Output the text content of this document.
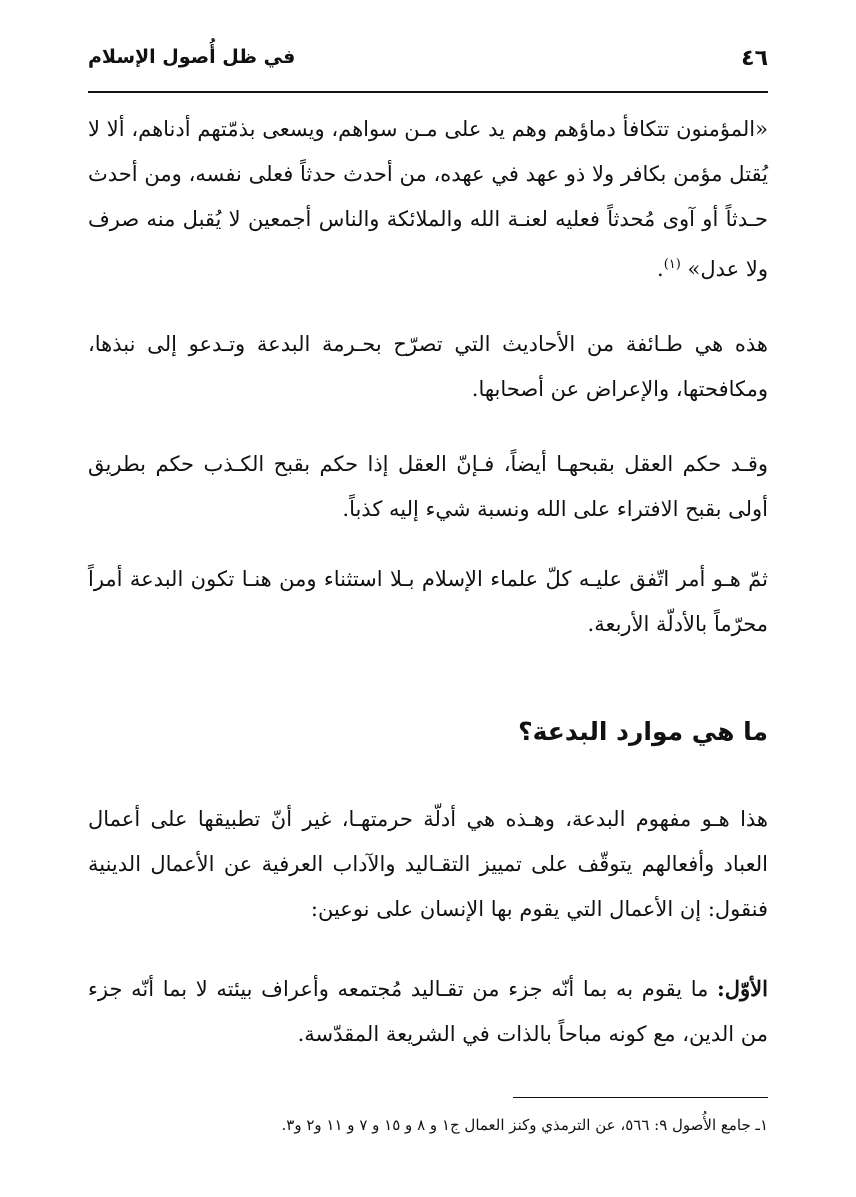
٤٦
في ظل أُصول الإسلام

«المؤمنون تتكافأ دماؤهم وهم يد على مـن سواهم، ويسعى بذمّتهم أدناهم، ألا لا يُقتل مؤمن بكافر ولا ذو عهد في عهده، من أحدث حدثاً فعلى نفسه، ومن أحدث حـدثاً أو آوى مُحدثاً فعليه لعنـة الله والملائكة والناس أجمعين لا يُقبل منه صرف ولا عدل» $^{(١)}$.

هذه هي طـائفة من الأحاديث التي تصرّح بحـرمة البدعة وتـدعو إلى نبذها، ومكافحتها، والإعراض عن أصحابها.

وقـد حكم العقل بقبحهـا أيضاً، فـإنّ العقل إذا حكم بقبح الكـذب حكم بطريق أولى بقبح الافتراء على الله ونسبة شيء إليه كذباً.

ثمّ هـو أمر اتّفق عليـه كلّ علماء الإسلام بـلا استثناء ومن هنـا تكون البدعة أمراً محرّماً بالأدلّة الأربعة.

ما هي موارد البدعة؟

هذا هـو مفهوم البدعة، وهـذه هي أدلّة حرمتهـا، غير أنّ تطبيقها على أعمال العباد وأفعالهم يتوقّف على تمييز التقـاليد والآداب العرفية عن الأعمال الدينية فنقول: إن الأعمال التي يقوم بها الإنسان على نوعين:

الأوّل: ما يقوم به بما أنّه جزء من تقـاليد مُجتمعه وأعراف بيئته لا بما أنّه جزء من الدين، مع كونه مباحاً بالذات في الشريعة المقدّسة.

١ـ جامع الأُصول ٩: ٥٦٦، عن الترمذي وكنز العمال ج١ و ٨ و ١٥ و ٧ و ١١ و٢ و٣.
